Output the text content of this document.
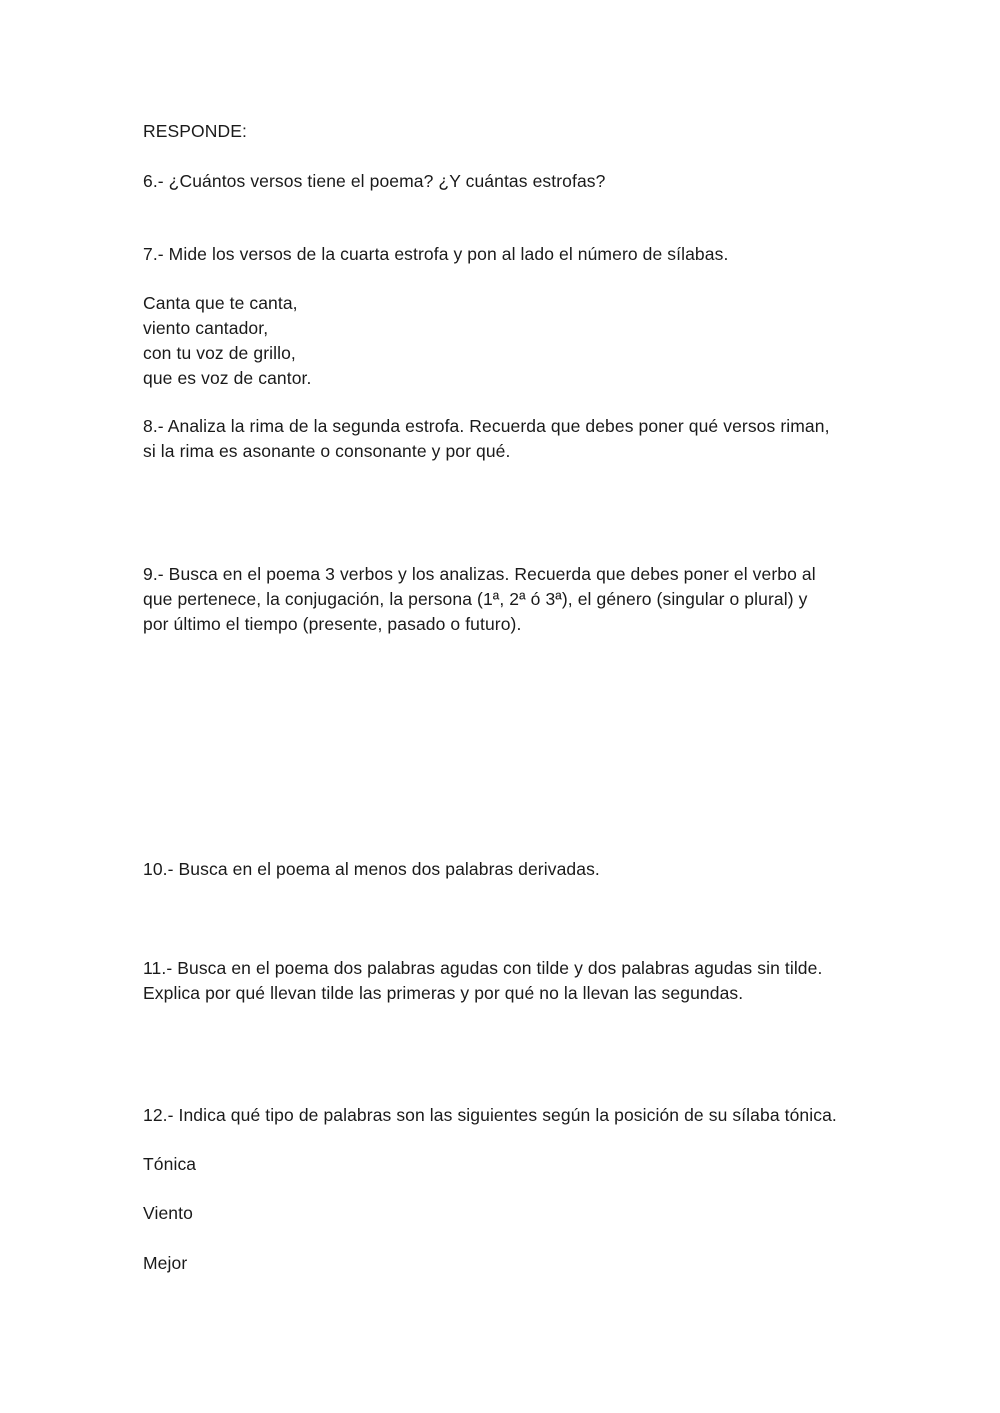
RESPONDE:
6.- ¿Cuántos versos tiene el poema? ¿Y cuántas estrofas?
7.- Mide los versos de la cuarta estrofa y pon al lado el número de sílabas.
Canta que te canta,
viento cantador,
con tu voz de grillo,
que es voz de cantor.
8.- Analiza la rima de la segunda estrofa. Recuerda que debes poner qué versos riman,
si la rima es asonante o consonante y por qué.
9.- Busca en el poema 3 verbos y los analizas. Recuerda que debes poner el verbo al
que pertenece, la conjugación, la persona (1ª, 2ª ó 3ª), el género (singular o plural) y
por último el tiempo (presente, pasado o futuro).
10.- Busca en el poema al menos dos palabras derivadas.
11.- Busca en el poema dos palabras agudas con tilde y dos palabras agudas sin tilde.
Explica por qué llevan tilde las primeras y por qué no la llevan las segundas.
12.- Indica qué tipo de palabras son las siguientes según la posición de su sílaba tónica.
Tónica
Viento
Mejor
